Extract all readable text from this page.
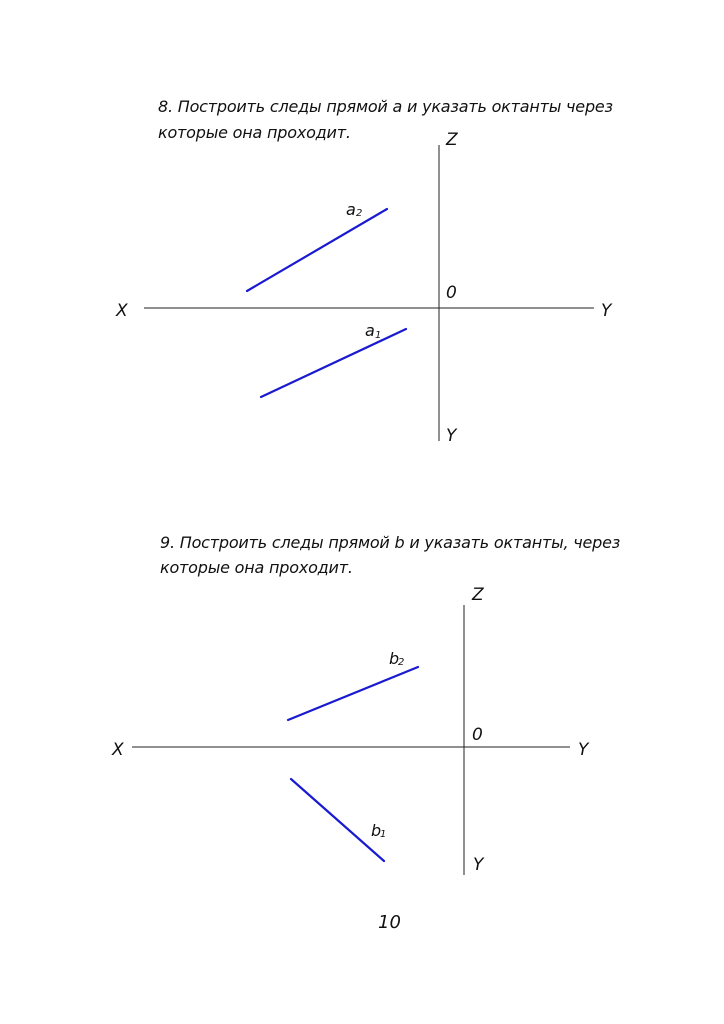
8. Построить следы прямой a и указать октанты через
которые она проходит.	Z
X	Y
Y
0
a 2
a 1
9. Построить следы прямой b и указать октанты, через
которые она проходит.
Z
X	Y
Y
0
b
2
b
1
10
